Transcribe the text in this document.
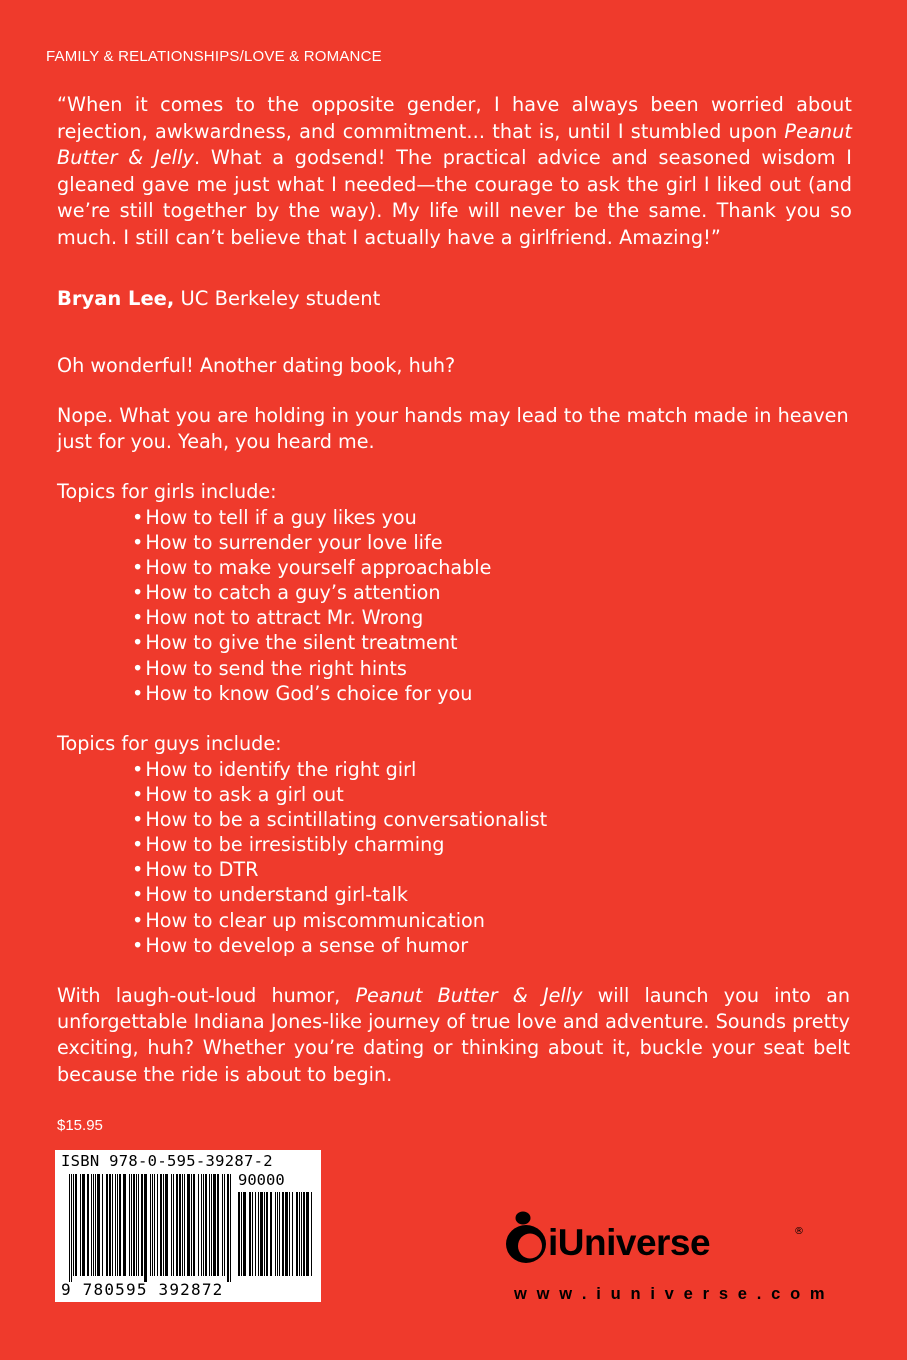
FAMILY & RELATIONSHIPS/LOVE & ROMANCE
“When it comes to the opposite gender, I have always been worried about rejection, awkwardness, and commitment... that is, until I stumbled upon Peanut Butter & Jelly. What a godsend! The practical advice and seasoned wisdom I gleaned gave me just what I needed—the courage to ask the girl I liked out (and we’re still together by the way). My life will never be the same. Thank you so much. I still can’t believe that I actually have a girlfriend. Amazing!”
Bryan Lee, UC Berkeley student
Oh wonderful! Another dating book, huh?
Nope. What you are holding in your hands may lead to the match made in heaven just for you. Yeah, you heard me.
Topics for girls include:
• How to tell if a guy likes you
• How to surrender your love life
• How to make yourself approachable
• How to catch a guy’s attention
• How not to attract Mr. Wrong
• How to give the silent treatment
• How to send the right hints
• How to know God’s choice for you
Topics for guys include:
• How to identify the right girl
• How to ask a girl out
• How to be a scintillating conversationalist
• How to be irresistibly charming
• How to DTR
• How to understand girl-talk
• How to clear up miscommunication
• How to develop a sense of humor
With laugh-out-loud humor, Peanut Butter & Jelly will launch you into an unforgettable Indiana Jones-like journey of true love and adventure. Sounds pretty exciting, huh? Whether you’re dating or thinking about it, buckle your seat belt because the ride is about to begin.
$15.95
ISBN 978-0-595-39287-2
90000
9 780595 392872
iUniverse	®
w w w . i u n i v e r s e . c o m
